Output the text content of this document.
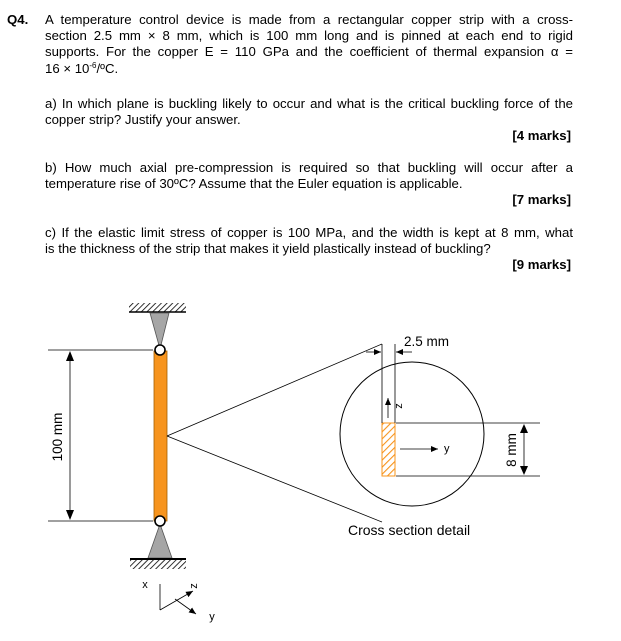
Q4. A temperature control device is made from a rectangular copper strip with a cross-
section 2.5 mm × 8 mm, which is 100 mm long and is pinned at each end to rigid
supports. For the copper E = 110 GPa and the coefficient of thermal expansion α =
$16 \times 10^{-6}/ºC$.
a) In which plane is buckling likely to occur and what is the critical buckling force of the
copper strip? Justify your answer.
[4 marks]
b) How much axial pre-compression is required so that buckling will occur after a
temperature rise of 30ºC? Assume that the Euler equation is applicable.
[7 marks]
c) If the elastic limit stress of copper is 100 MPa, and the width is kept at 8 mm, what
is the thickness of the strip that makes it yield plastically instead of buckling?
[9 marks]
100 mm
2.5 mm
z
y	8 mm
Cross section detail
x	z
y
